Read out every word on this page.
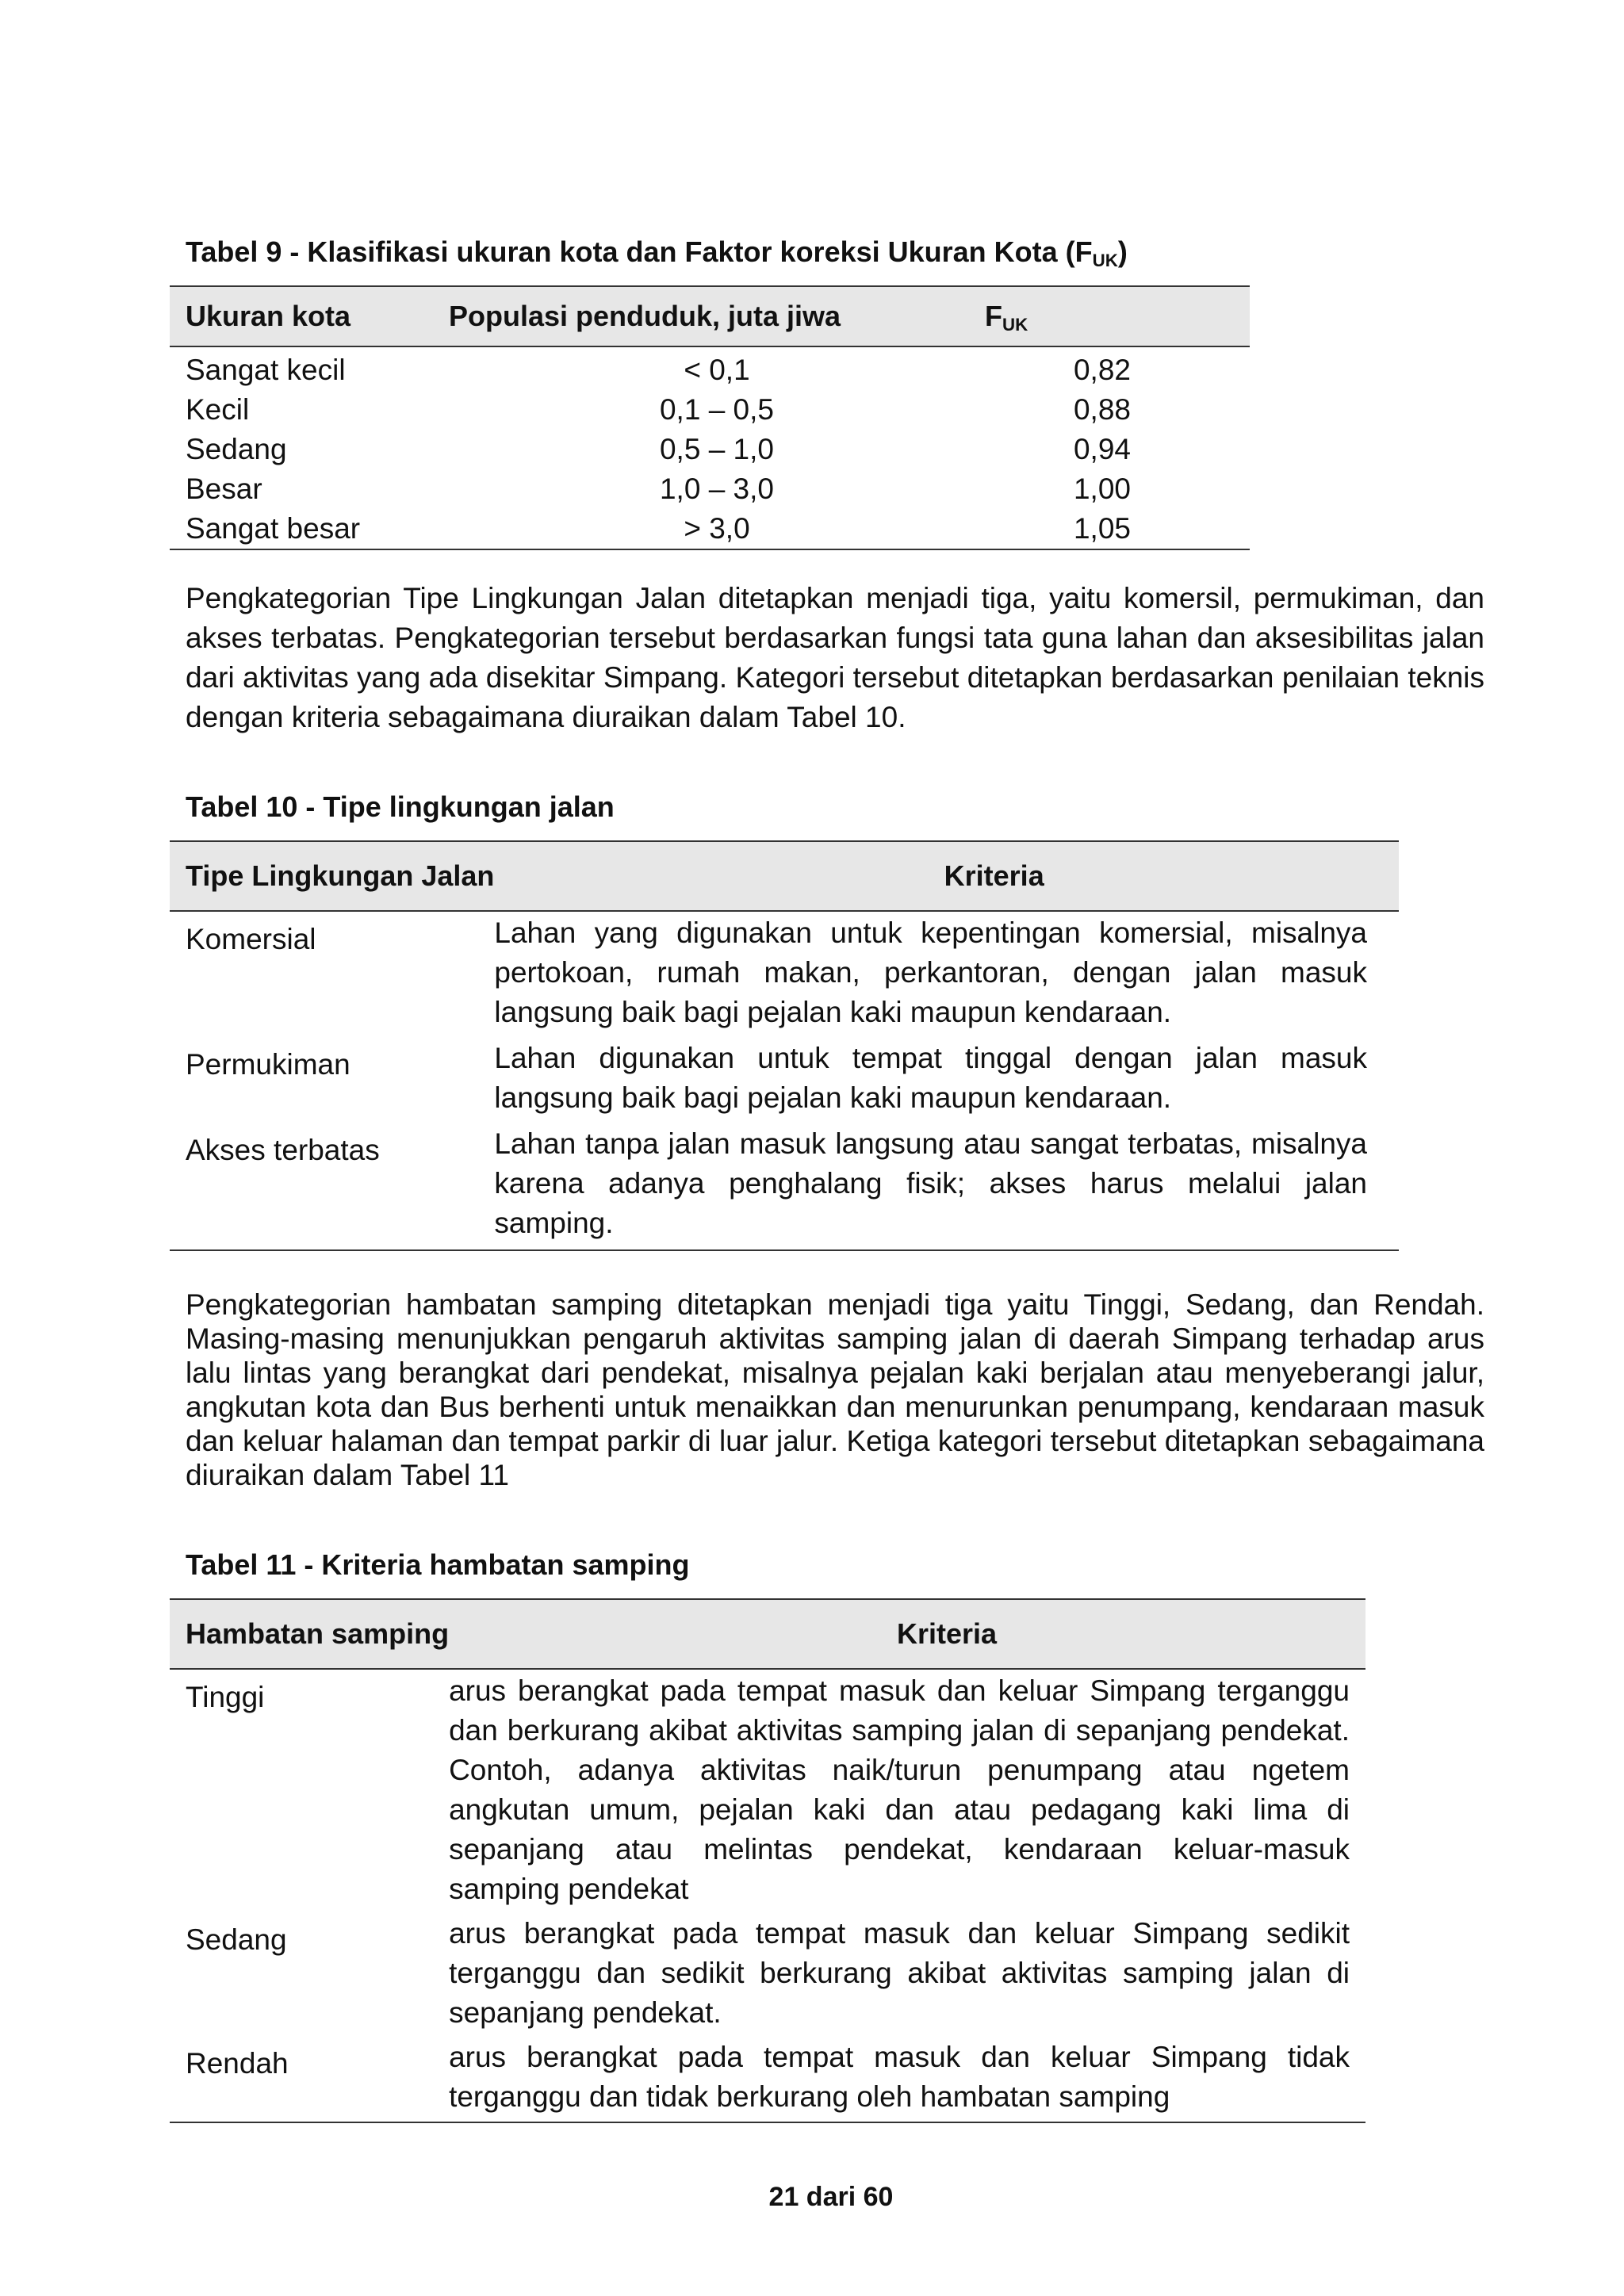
Tabel 9 - Klasifikasi ukuran kota dan Faktor koreksi Ukuran Kota $(F_{UK})$
Ukuran kota	Populasi penduduk, juta jiwa	$F_{UK}$
Sangat kecil	< 0,1	0,82
Kecil	0,1 – 0,5	0,88
Sedang	0,5 – 1,0	0,94
Besar	1,0 – 3,0	1,00
Sangat besar	> 3,0	1,05
Pengkategorian Tipe Lingkungan Jalan ditetapkan menjadi tiga, yaitu komersil, permukiman, dan akses terbatas. Pengkategorian tersebut berdasarkan fungsi tata guna lahan dan aksesibilitas jalan dari aktivitas yang ada disekitar Simpang. Kategori tersebut ditetapkan berdasarkan penilaian teknis dengan kriteria sebagaimana diuraikan dalam Tabel 10.
Tabel 10 - Tipe lingkungan jalan
Tipe Lingkungan Jalan	Kriteria
Komersial	Lahan yang digunakan untuk kepentingan komersial, misalnya pertokoan, rumah makan, perkantoran, dengan jalan masuk langsung baik bagi pejalan kaki maupun kendaraan.
Permukiman	Lahan digunakan untuk tempat tinggal dengan jalan masuk langsung baik bagi pejalan kaki maupun kendaraan.
Akses terbatas	Lahan tanpa jalan masuk langsung atau sangat terbatas, misalnya karena adanya penghalang fisik; akses harus melalui jalan samping.
Pengkategorian hambatan samping ditetapkan menjadi tiga yaitu Tinggi, Sedang, dan Rendah. Masing-masing menunjukkan pengaruh aktivitas samping jalan di daerah Simpang terhadap arus lalu lintas yang berangkat dari pendekat, misalnya pejalan kaki berjalan atau menyeberangi jalur, angkutan kota dan Bus berhenti untuk menaikkan dan menurunkan penumpang, kendaraan masuk dan keluar halaman dan tempat parkir di luar jalur. Ketiga kategori tersebut ditetapkan sebagaimana diuraikan dalam Tabel 11
Tabel 11 - Kriteria hambatan samping
Hambatan samping	Kriteria
Tinggi	arus berangkat pada tempat masuk dan keluar Simpang terganggu dan berkurang akibat aktivitas samping jalan di sepanjang pendekat. Contoh, adanya aktivitas naik/turun penumpang atau ngetem angkutan umum, pejalan kaki dan atau pedagang kaki lima di sepanjang atau melintas pendekat, kendaraan keluar-masuk samping pendekat
Sedang	arus berangkat pada tempat masuk dan keluar Simpang sedikit terganggu dan sedikit berkurang akibat aktivitas samping jalan di sepanjang pendekat.
Rendah	arus berangkat pada tempat masuk dan keluar Simpang tidak terganggu dan tidak berkurang oleh hambatan samping
21 dari 60
